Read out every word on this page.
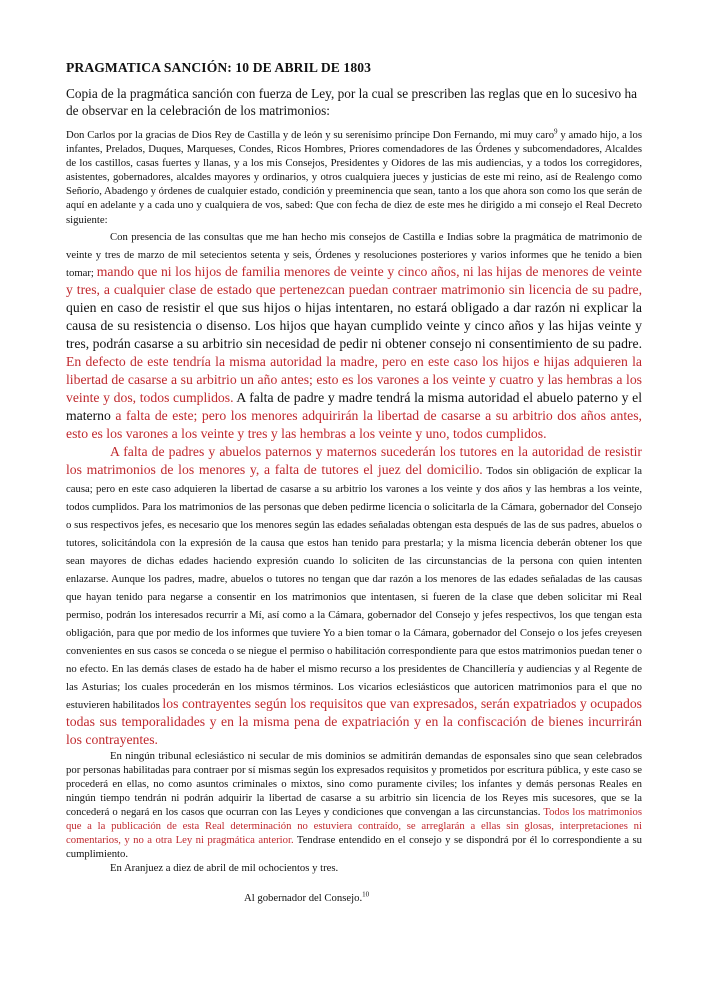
PRAGMATICA SANCIÓN: 10 DE ABRIL DE 1803
Copia de la pragmática sanción con fuerza de Ley, por la cual se prescriben las reglas que en lo sucesivo ha de observar en la celebración de los matrimonios:

Don Carlos por la gracias de Dios Rey de Castilla y de león y su serenísimo príncipe Don Fernando, mi muy caro$^9$ y amado hijo, a los infantes, Prelados, Duques, Marqueses, Condes, Ricos Hombres, Priores comendadores de las Órdenes y subcomendadores, Alcaldes de los castillos, casas fuertes y llanas, y a los mis Consejos, Presidentes y Oidores de las mis audiencias, y a todos los corregidores, asistentes, gobernadores, alcaldes mayores y ordinarios, y otros cualquiera jueces y justicias de este mi reino, así de Realengo como Señorío, Abadengo y órdenes de cualquier estado, condición y preeminencia que sean, tanto a los que ahora son como los que serán de aquí en adelante y a cada uno y cualquiera de vos, sabed: Que con fecha de diez de este mes he dirigido a mi consejo el Real Decreto siguiente:

Con presencia de las consultas que me han hecho mis consejos de Castilla e Indias sobre la pragmática de matrimonio de veinte y tres de marzo de mil setecientos setenta y seis, Órdenes y resoluciones posteriores y varios informes que he tenido a bien tomar; mando que ni los hijos de familia menores de veinte y cinco años, ni las hijas de menores de veinte y tres, a cualquier clase de estado que pertenezcan puedan contraer matrimonio sin licencia de su padre, quien en caso de resistir el que sus hijos o hijas intentaren, no estará obligado a dar razón ni explicar la causa de su resistencia o disenso. Los hijos que hayan cumplido veinte y cinco años y las hijas veinte y tres, podrán casarse a su arbitrio sin necesidad de pedir ni obtener consejo ni consentimiento de su padre. En defecto de este tendría la misma autoridad la madre, pero en este caso los hijos e hijas adquieren la libertad de casarse a su arbitrio un año antes; esto es los varones a los veinte y cuatro y las hembras a los veinte y dos, todos cumplidos. A falta de padre y madre tendrá la misma autoridad el abuelo paterno y el materno a falta de este; pero los menores adquirirán la libertad de casarse a su arbitrio dos años antes, esto es los varones a los veinte y tres y las hembras a los veinte y uno, todos cumplidos.

A falta de padres y abuelos paternos y maternos sucederán los tutores en la autoridad de resistir los matrimonios de los menores y, a falta de tutores el juez del domicilio. Todos sin obligación de explicar la causa; pero en este caso adquieren la libertad de casarse a su arbitrio los varones a los veinte y dos años y las hembras a los veinte, todos cumplidos. Para los matrimonios de las personas que deben pedirme licencia o solicitarla de la Cámara, gobernador del Consejo o sus respectivos jefes, es necesario que los menores según las edades señaladas obtengan esta después de las de sus padres, abuelos o tutores, solicitándola con la expresión de la causa que estos han tenido para prestarla; y la misma licencia deberán obtener los que sean mayores de dichas edades haciendo expresión cuando lo soliciten de las circunstancias de la persona con quien intenten enlazarse. Aunque los padres, madre, abuelos o tutores no tengan que dar razón a los menores de las edades señaladas de las causas que hayan tenido para negarse a consentir en los matrimonios que intentasen, si fueren de la clase que deben solicitar mi Real permiso, podrán los interesados recurrir a Mí, así como a la Cámara, gobernador del Consejo y jefes respectivos, los que tengan esta obligación, para que por medio de los informes que tuviere Yo a bien tomar o la Cámara, gobernador del Consejo o los jefes creyesen convenientes en sus casos se conceda o se niegue el permiso o habilitación correspondiente para que estos matrimonios puedan tener o no efecto. En las demás clases de estado ha de haber el mismo recurso a los presidentes de Chancillería y audiencias y al Regente de las Asturias; los cuales procederán en los mismos términos. Los vicarios eclesiásticos que autoricen matrimonios para el que no estuvieren habilitados los contrayentes según los requisitos que van expresados, serán expatriados y ocupados todas sus temporalidades y en la misma pena de expatriación y en la confiscación de bienes incurrirán los contrayentes.

En ningún tribunal eclesiástico ni secular de mis dominios se admitirán demandas de esponsales sino que sean celebrados por personas habilitadas para contraer por sí mismas según los expresados requisitos y prometidos por escritura pública, y este caso se procederá en ellas, no como asuntos criminales o mixtos, sino como puramente civiles; los infantes y demás personas Reales en ningún tiempo tendrán ni podrán adquirir la libertad de casarse a su arbitrio sin licencia de los Reyes mis sucesores, que se la concederá o negará en los casos que ocurran con las Leyes y condiciones que convengan a las circunstancias. Todos los matrimonios que a la publicación de esta Real determinación no estuviera contraído, se arreglarán a ellas sin glosas, interpretaciones ni comentarios, y no a otra Ley ni pragmática anterior. Tendrase entendido en el consejo y se dispondrá por él lo correspondiente a su cumplimiento.

En Aranjuez a diez de abril de mil ochocientos y tres.

Al gobernador del Consejo.$^{10}$
